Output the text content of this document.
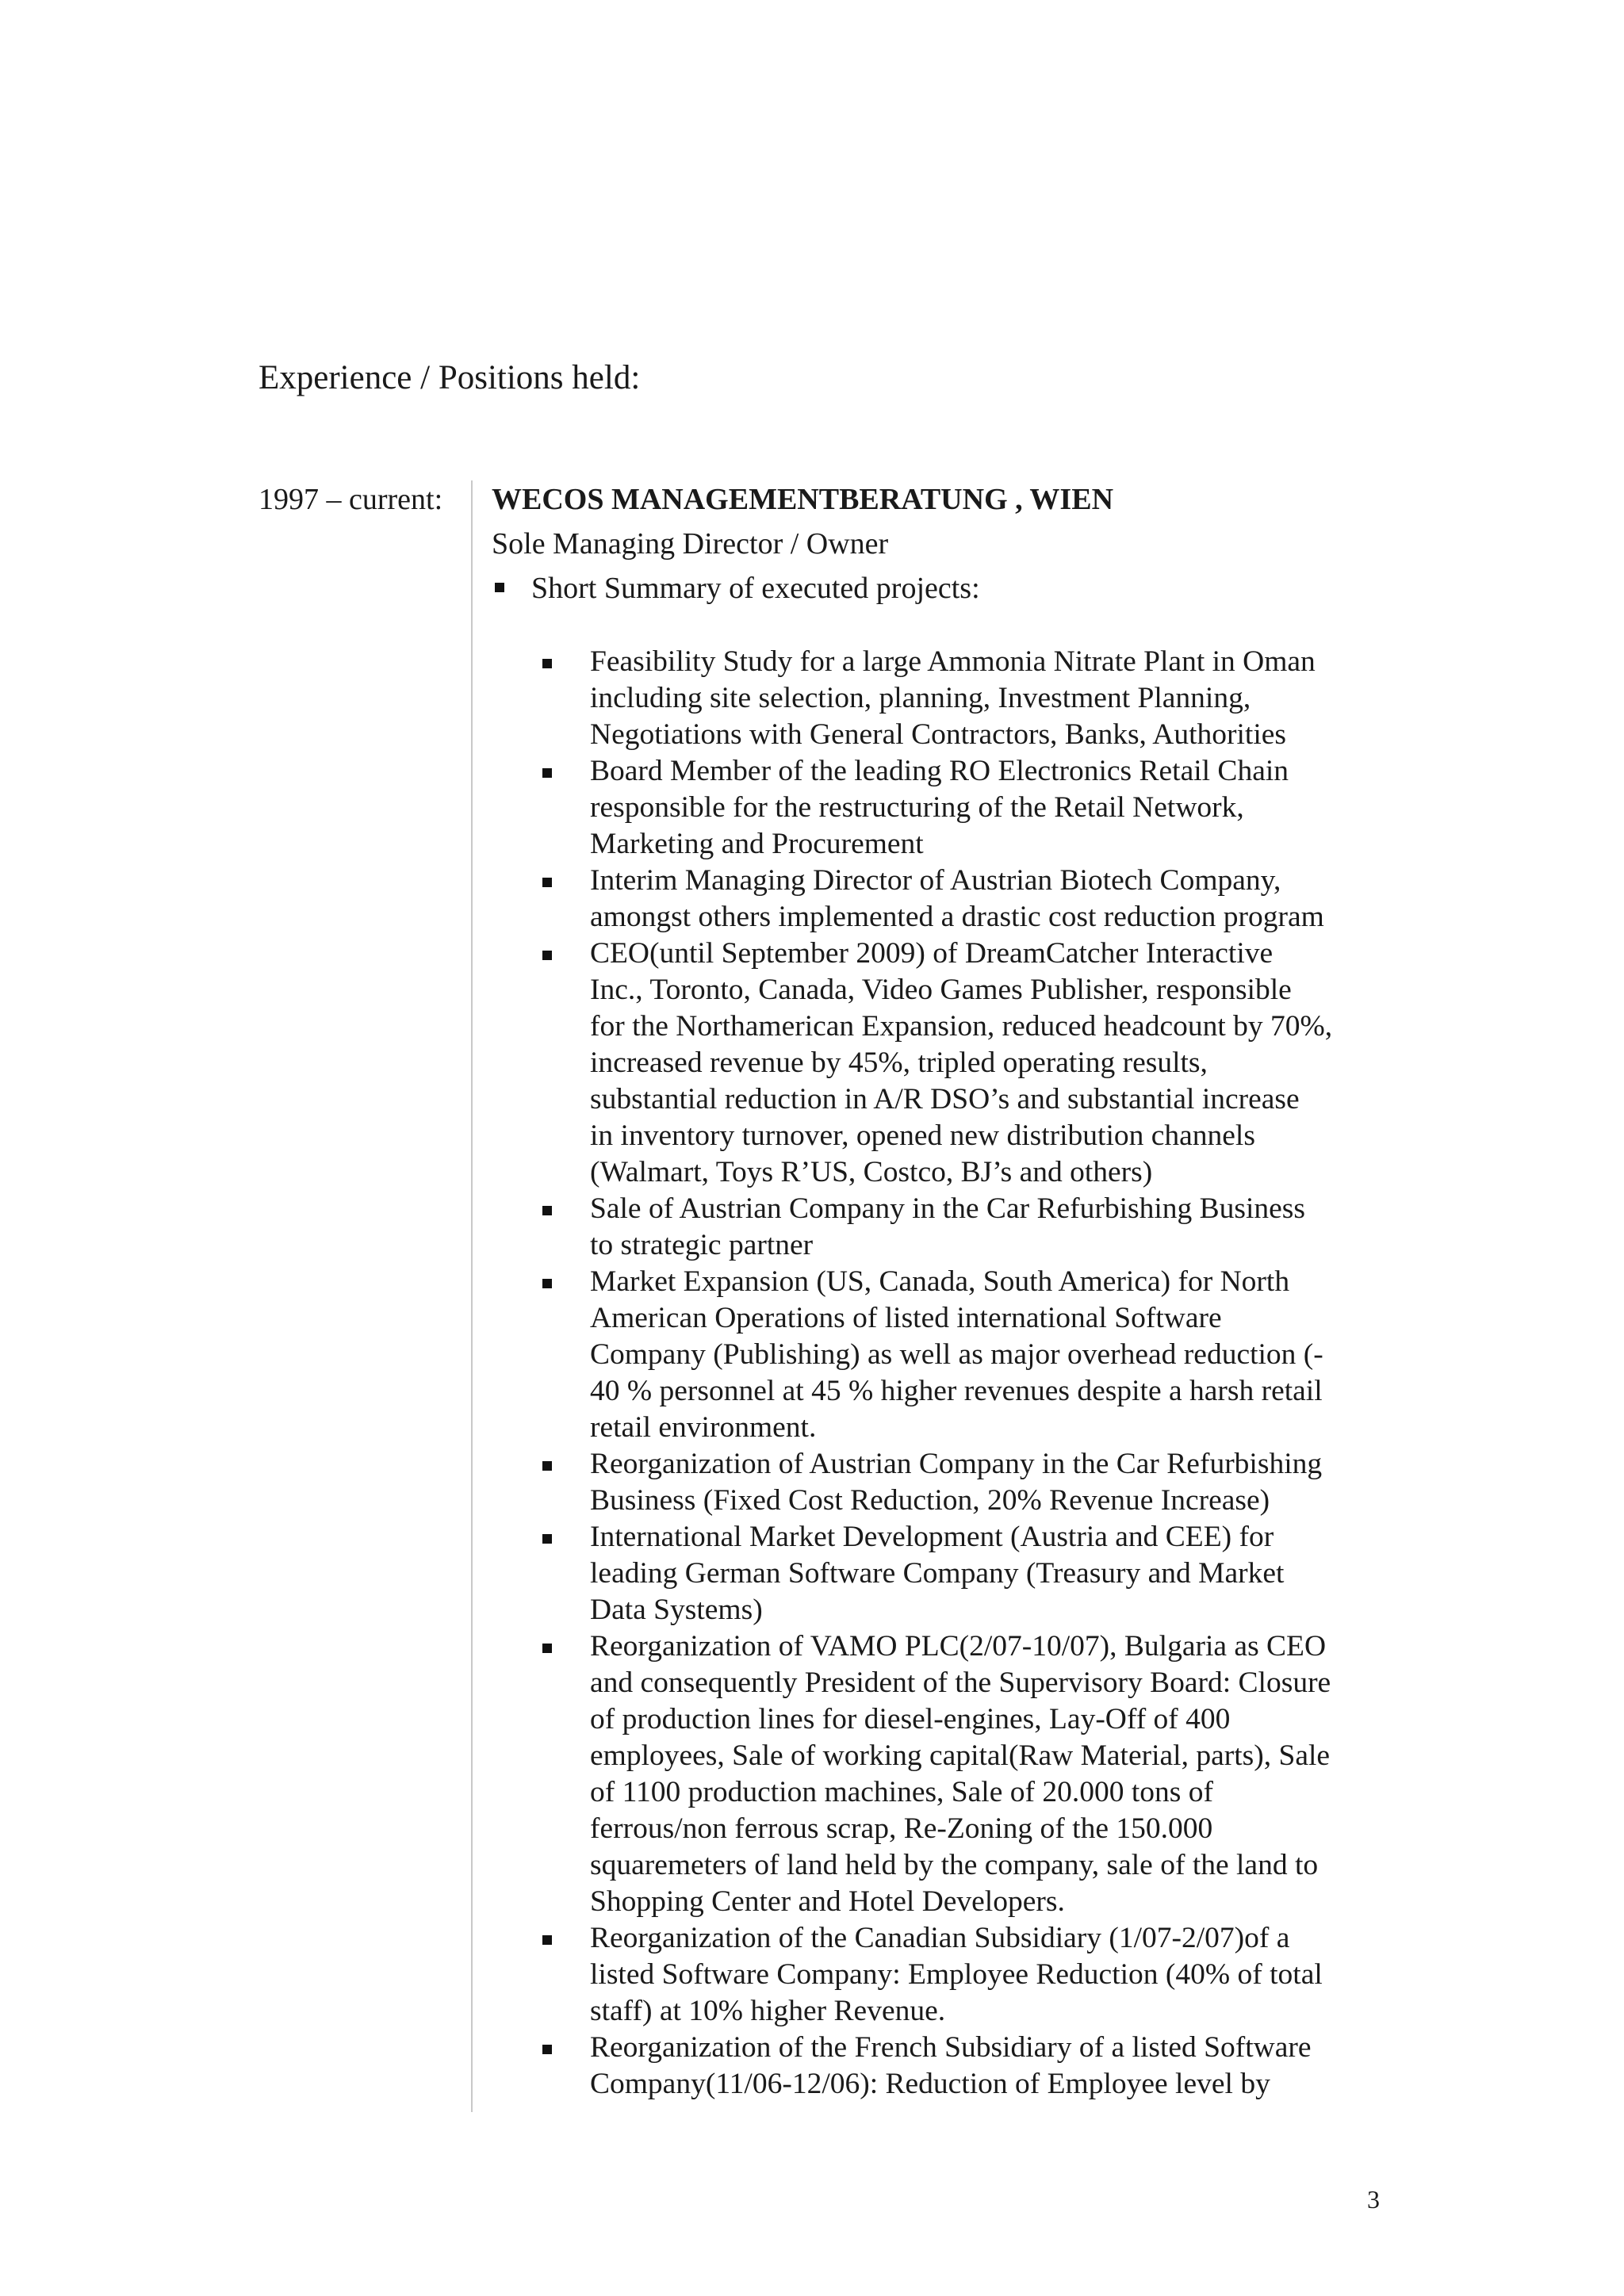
Experience / Positions held:
1997 – current: WECOS MANAGEMENTBERATUNG , WIEN
Sole Managing Director / Owner
Short Summary of executed projects:
Feasibility Study for a large Ammonia Nitrate Plant in Oman
including site selection, planning, Investment Planning,
Negotiations with General Contractors, Banks, Authorities
Board Member of the leading RO Electronics Retail Chain
responsible for the restructuring of the Retail Network,
Marketing and Procurement
Interim Managing Director of Austrian Biotech Company,
amongst others implemented a drastic cost reduction program
CEO(until September 2009) of DreamCatcher Interactive
Inc., Toronto, Canada, Video Games Publisher, responsible
for the Northamerican Expansion, reduced headcount by 70%,
increased revenue by 45%, tripled operating results,
substantial reduction in A/R DSO’s and substantial increase
in inventory turnover, opened new distribution channels
(Walmart, Toys R’US, Costco, BJ’s and others)
Sale of Austrian Company in the Car Refurbishing Business
to strategic partner
Market Expansion (US, Canada, South America) for North
American Operations of listed international Software
Company (Publishing) as well as major overhead reduction (-
40 % personnel at 45 % higher revenues despite a harsh retail
retail environment.
Reorganization of Austrian Company in the Car Refurbishing
Business (Fixed Cost Reduction, 20% Revenue Increase)
International Market Development (Austria and CEE) for
leading German Software Company (Treasury and Market
Data Systems)
Reorganization of VAMO PLC(2/07-10/07), Bulgaria as CEO
and consequently President of the Supervisory Board: Closure
of production lines for diesel-engines, Lay-Off of 400
employees, Sale of working capital(Raw Material, parts), Sale
of 1100 production machines, Sale of 20.000 tons of
ferrous/non ferrous scrap, Re-Zoning of the 150.000
squaremeters of land held by the company, sale of the land to
Shopping Center and Hotel Developers.
Reorganization of the Canadian Subsidiary (1/07-2/07)of a
listed Software Company: Employee Reduction (40% of total
staff) at 10% higher Revenue.
Reorganization of the French Subsidiary of a listed Software
Company(11/06-12/06): Reduction of Employee level by
3
